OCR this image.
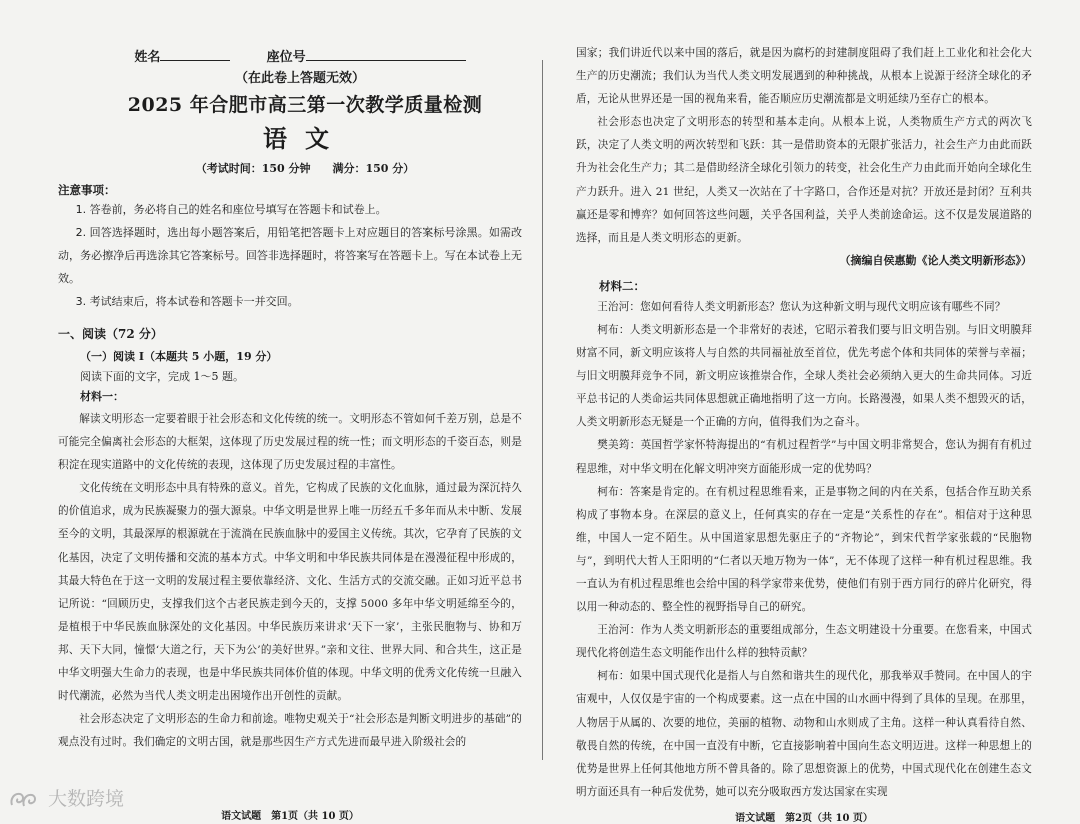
姓名	座位号
（在此卷上答题无效）
2025 年合肥市高三第一次教学质量检测
语文
（考试时间：150 分钟　　满分：150 分）
注意事项：

1. 答卷前，务必将自己的姓名和座位号填写在答题卡和试卷上。

2. 回答选择题时，选出每小题答案后，用铅笔把答题卡上对应题目的答案标号涂黑。如需改动，务必擦净后再选涂其它答案标号。回答非选择题时，将答案写在答题卡上。写在本试卷上无效。

3. 考试结束后，将本试卷和答题卡一并交回。

一、阅读（72 分）
（一）阅读 Ⅰ（本题共 5 小题，19 分）
阅读下面的文字，完成 1～5 题。
材料一：

解读文明形态一定要着眼于社会形态和文化传统的统一。文明形态不管如何千差万别，总是不可能完全偏离社会形态的大框架，这体现了历史发展过程的统一性；而文明形态的千姿百态，则是积淀在现实道路中的文化传统的表现，这体现了历史发展过程的丰富性。

文化传统在文明形态中具有特殊的意义。首先，它构成了民族的文化血脉，通过最为深沉持久的价值追求，成为民族凝聚力的强大源泉。中华文明是世界上唯一历经五千多年而从未中断、发展至今的文明，其最深厚的根源就在于流淌在民族血脉中的爱国主义传统。其次，它孕育了民族的文化基因，决定了文明传播和交流的基本方式。中华文明和中华民族共同体是在漫漫征程中形成的，其最大特色在于这一文明的发展过程主要依靠经济、文化、生活方式的交流交融。正如习近平总书记所说：“回顾历史，支撑我们这个古老民族走到今天的，支撑 5000 多年中华文明延绵至今的，是植根于中华民族血脉深处的文化基因。中华民族历来讲求‘天下一家’，主张民胞物与、协和万邦、天下大同，憧憬‘大道之行，天下为公’的美好世界。”亲和文往、世界大同、和合共生，这正是中华文明强大生命力的表现，也是中华民族共同体价值的体现。中华文明的优秀文化传统一旦融入时代潮流，必然为当代人类文明走出困境作出开创性的贡献。

社会形态决定了文明形态的生命力和前途。唯物史观关于“社会形态是判断文明进步的基础”的观点没有过时。我们确定的文明古国，就是那些因生产方式先进而最早进入阶级社会的

语文试题　第1页（共 10 页）

国家；我们讲近代以来中国的落后，就是因为腐朽的封建制度阻碍了我们赶上工业化和社会化大生产的历史潮流；我们认为当代人类文明发展遇到的种种挑战，从根本上说源于经济全球化的矛盾，无论从世界还是一国的视角来看，能否顺应历史潮流都是文明延续乃至存亡的根本。

社会形态也决定了文明形态的转型和基本走向。从根本上说，人类物质生产方式的两次飞跃，决定了人类文明的两次转型和飞跃：其一是借助资本的无限扩张活力，社会生产力由此而跃升为社会化生产力；其二是借助经济全球化引领力的转变，社会化生产力由此而开始向全球化生产力跃升。进入 21 世纪，人类又一次站在了十字路口，合作还是对抗？开放还是封闭？互利共赢还是零和博弈？如何回答这些问题，关乎各国利益，关乎人类前途命运。这不仅是发展道路的选择，而且是人类文明形态的更新。

（摘编自侯惠勤《论人类文明新形态》）
材料二：

王治河：您如何看待人类文明新形态？您认为这种新文明与现代文明应该有哪些不同？

柯布：人类文明新形态是一个非常好的表述，它昭示着我们要与旧文明告别。与旧文明膜拜财富不同，新文明应该将人与自然的共同福祉放至首位，优先考虑个体和共同体的荣誉与幸福；与旧文明膜拜竞争不同，新文明应该推崇合作，全球人类社会必须纳入更大的生命共同体。习近平总书记的人类命运共同体思想就正确地指明了这一方向。长路漫漫，如果人类不想毁灭的话，人类文明新形态无疑是一个正确的方向，值得我们为之奋斗。

樊美筠：英国哲学家怀特海提出的“有机过程哲学”与中国文明非常契合，您认为拥有有机过程思维，对中华文明在化解文明冲突方面能形成一定的优势吗？

柯布：答案是肯定的。在有机过程思维看来，正是事物之间的内在关系，包括合作互助关系构成了事物本身。在深层的意义上，任何真实的存在一定是“关系性的存在”。相信对于这种思维，中国人一定不陌生。从中国道家思想先驱庄子的“齐物论”，到宋代哲学家张载的“民胞物与”，到明代大哲人王阳明的“仁者以天地万物为一体”，无不体现了这样一种有机过程思维。我一直认为有机过程思维也会给中国的科学家带来优势，使他们有别于西方同行的碎片化研究，得以用一种动态的、整全性的视野指导自己的研究。

王治河：作为人类文明新形态的重要组成部分，生态文明建设十分重要。在您看来，中国式现代化将创造生态文明能作出什么样的独特贡献？

柯布：如果中国式现代化是指人与自然和谐共生的现代化，那我举双手赞同。在中国人的宇宙观中，人仅仅是宇宙的一个构成要素。这一点在中国的山水画中得到了具体的呈现。在那里，人物居于从属的、次要的地位，美丽的植物、动物和山水则成了主角。这样一种认真看待自然、敬畏自然的传统，在中国一直没有中断，它直接影响着中国向生态文明迈进。这样一种思想上的优势是世界上任何其他地方所不曾具备的。除了思想资源上的优势，中国式现代化在创建生态文明方面还具有一种后发优势，她可以充分吸取西方发达国家在实现

语文试题　第2页（共 10 页）
大数跨境
